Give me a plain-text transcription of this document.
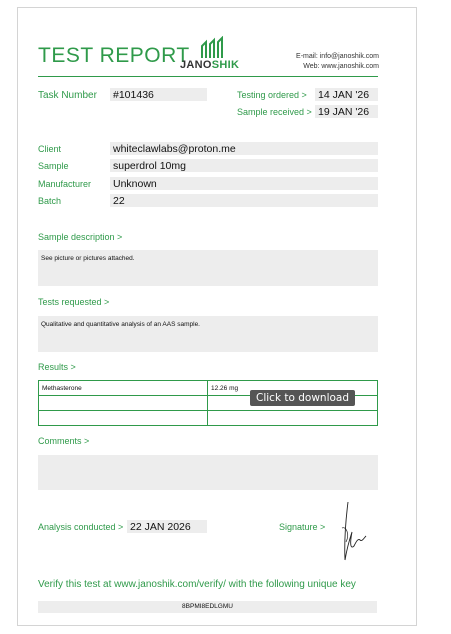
TEST REPORT
JANOSHIK
E-mail: info@janoshik.com
Web: www.janoshik.com
Task Number #101436	Testing ordered > 14 JAN '26
Sample received > 19 JAN '26
Client	whiteclawlabs@proton.me
Sample	superdrol 10mg
Manufacturer Unknown
Batch	22
Sample description >
See picture or pictures attached.
Tests requested >
Qualitative and quantitative analysis of an AAS sample.
Results >
Methasterone	12.26 mg

Click to download
Comments >
Analysis conducted > 22 JAN 2026	Signature >
Verify this test at www.janoshik.com/verify/ with the following unique key
8BPMI8EDLGMU
